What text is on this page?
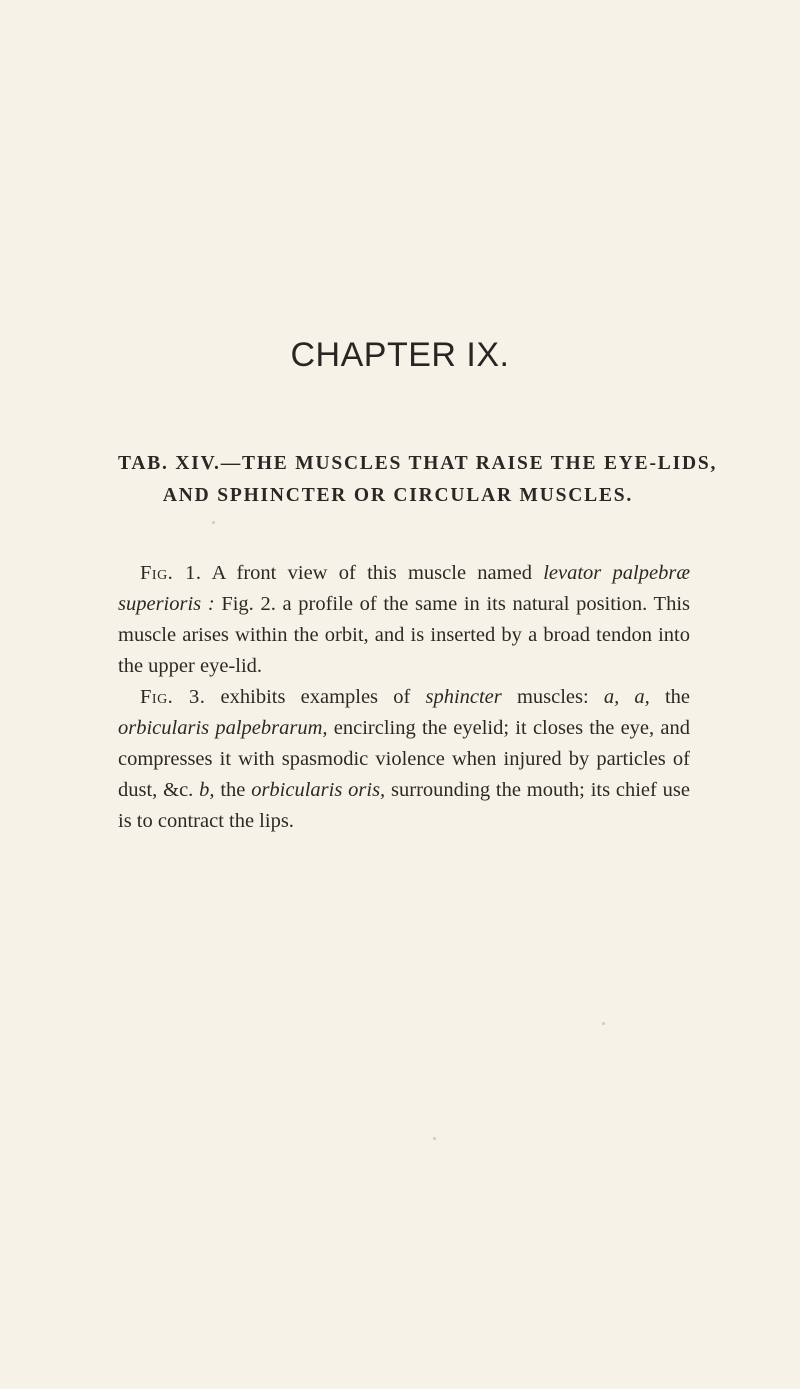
CHAPTER IX.
TAB. XIV.—THE MUSCLES THAT RAISE THE EYE-LIDS,
AND SPHINCTER OR CIRCULAR MUSCLES.

Fig. 1. A front view of this muscle named levator palpebræ superioris : Fig. 2. a profile of the same in its natural position. This muscle arises within the orbit, and is inserted by a broad tendon into the upper eye-lid.

Fig. 3. exhibits examples of sphincter muscles: a, a, the orbicularis palpebrarum, encircling the eyelid; it closes the eye, and compresses it with spasmodic violence when injured by particles of dust, &c. b, the orbicularis oris, surrounding the mouth; its chief use is to contract the lips.
